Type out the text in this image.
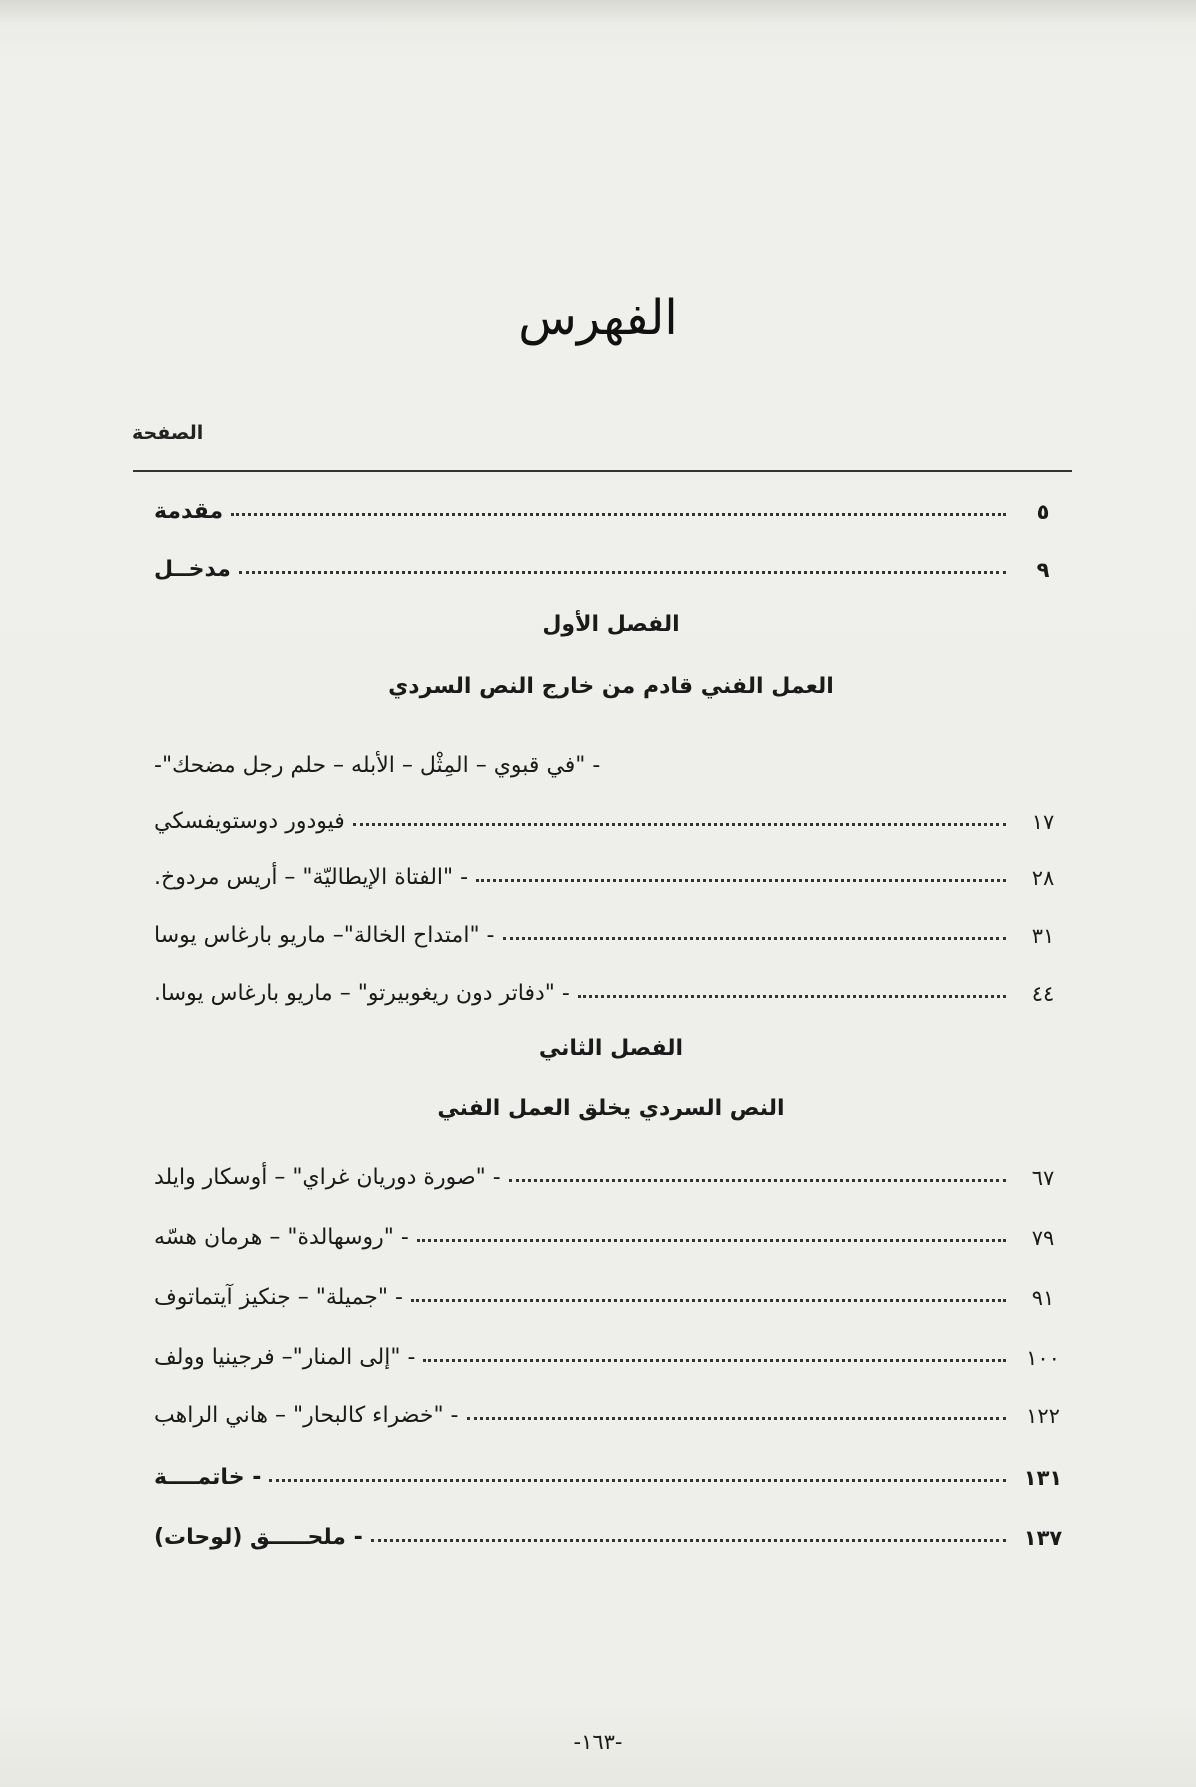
الفهرس
الصفحة
مقدمة	٥
مدخــل	٩
- "في قبوي – المِثْل – الأبله – حلم رجل مضحك"-
فيودور دوستويفسكي	١٧
- "الفتاة الإيطاليّة" – أريس مردوخ.	٢٨
- "امتداح الخالة"– ماريو بارغاس يوسا	٣١
- "دفاتر دون ريغوبيرتو" – ماريو بارغاس يوسا.	٤٤
- "صورة دوريان غراي" – أوسكار وايلد	٦٧
- "روسهالدة" – هرمان هسّه	٧٩
- "جميلة" – جنكيز آيتماتوف	٩١
- "إلى المنار"– فرجينيا وولف	١٠٠
- "خضراء كالبحار" – هاني الراهب	١٢٢
- خاتمــــة	١٣١
- ملحـــــق (لوحات)	١٣٧
الفصل الأول
العمل الفني قادم من خارج النص السردي
الفصل الثاني
النص السردي يخلق العمل الفني
-١٦٣-
